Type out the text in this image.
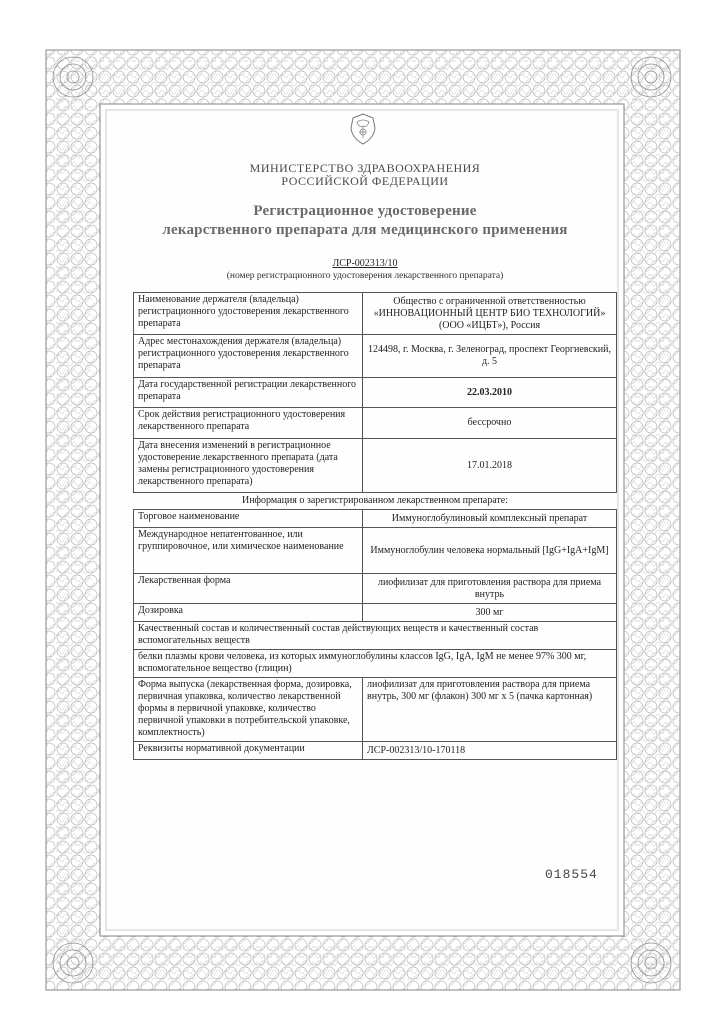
МИНИСТЕРСТВО ЗДРАВООХРАНЕНИЯ
РОССИЙСКОЙ ФЕДЕРАЦИИ
Регистрационное удостоверение
лекарственного препарата для медицинского применения
ЛСР-002313/10
(номер регистрационного удостоверения лекарственного препарата)
Наименование держателя (владельца) регистрационного удостоверения лекарственного препарата	Общество с ограниченной ответственностью «ИННОВАЦИОННЫЙ ЦЕНТР БИО ТЕХНОЛОГИЙ» (ООО «ИЦБТ»), Россия
Адрес местонахождения держателя (владельца) регистрационного удостоверения лекарственного препарата	124498, г. Москва, г. Зеленоград, проспект Георгиевский, д. 5
Дата государственной регистрации лекарственного препарата	22.03.2010
Срок действия регистрационного удостоверения лекарственного препарата	бессрочно
Дата внесения изменений в регистрационное удостоверение лекарственного препарата (дата замены регистрационного удостоверения лекарственного препарата)	17.01.2018
Информация о зарегистрированном лекарственном препарате:	
Торговое наименование	Иммуноглобулиновый комплексный препарат
Международное непатентованное, или группировочное, или химическое наименование	Иммуноглобулин человека нормальный [IgG+IgA+IgM]
Лекарственная форма	лиофилизат для приготовления раствора для приема внутрь
Дозировка	300 мг
Качественный состав и количественный состав действующих веществ и качественный состав вспомогательных веществ	
белки плазмы крови человека, из которых иммуноглобулины классов IgG, IgA, IgM не менее 97% 300 мг, вспомогательное вещество (глицин)	
Форма выпуска (лекарственная форма, дозировка, первичная упаковка, количество лекарственной формы в первичной упаковке, количество первичной упаковки в потребительской упаковке, комплектность)	лиофилизат для приготовления раствора для приема внутрь, 300 мг (флакон) 300 мг х 5 (пачка картонная)
Реквизиты нормативной документации	ЛСР-002313/10-170118
018554
